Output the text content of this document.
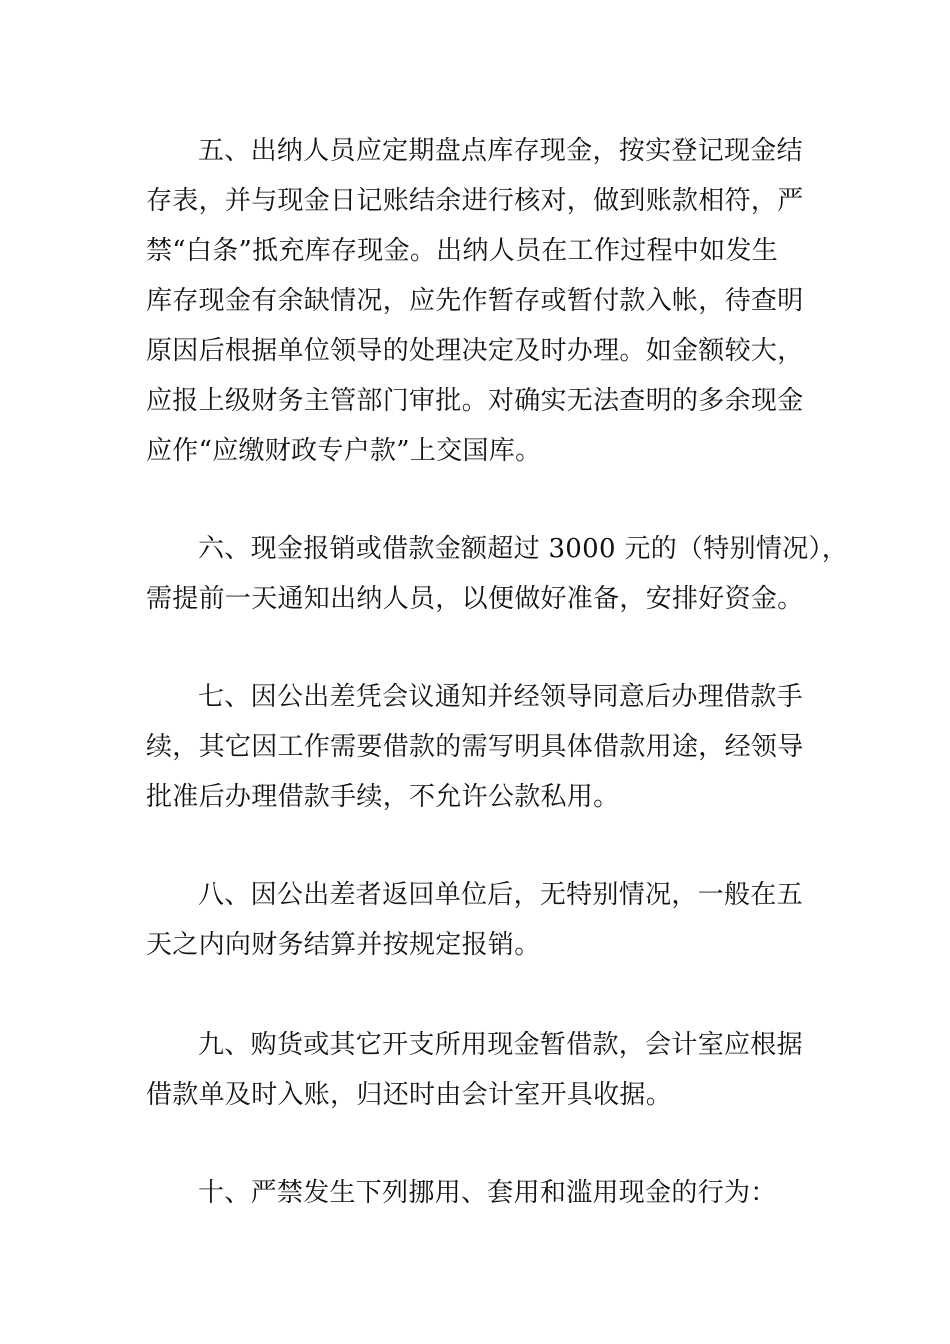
五、出纳人员应定期盘点库存现金，按实登记现金结
存表，并与现金日记账结余进行核对，做到账款相符，严
禁“白条”抵充库存现金。出纳人员在工作过程中如发生
库存现金有余缺情况，应先作暂存或暂付款入帐，待查明
原因后根据单位领导的处理决定及时办理。如金额较大，
应报上级财务主管部门审批。对确实无法查明的多余现金
应作“应缴财政专户款”上交国库。
六、现金报销或借款金额超过 3000 元的（特别情况），
需提前一天通知出纳人员，以便做好准备，安排好资金。
七、因公出差凭会议通知并经领导同意后办理借款手
续，其它因工作需要借款的需写明具体借款用途，经领导
批准后办理借款手续，不允许公款私用。
八、因公出差者返回单位后，无特别情况，一般在五
天之内向财务结算并按规定报销。
九、购货或其它开支所用现金暂借款，会计室应根据
借款单及时入账，归还时由会计室开具收据。
十、严禁发生下列挪用、套用和滥用现金的行为：
